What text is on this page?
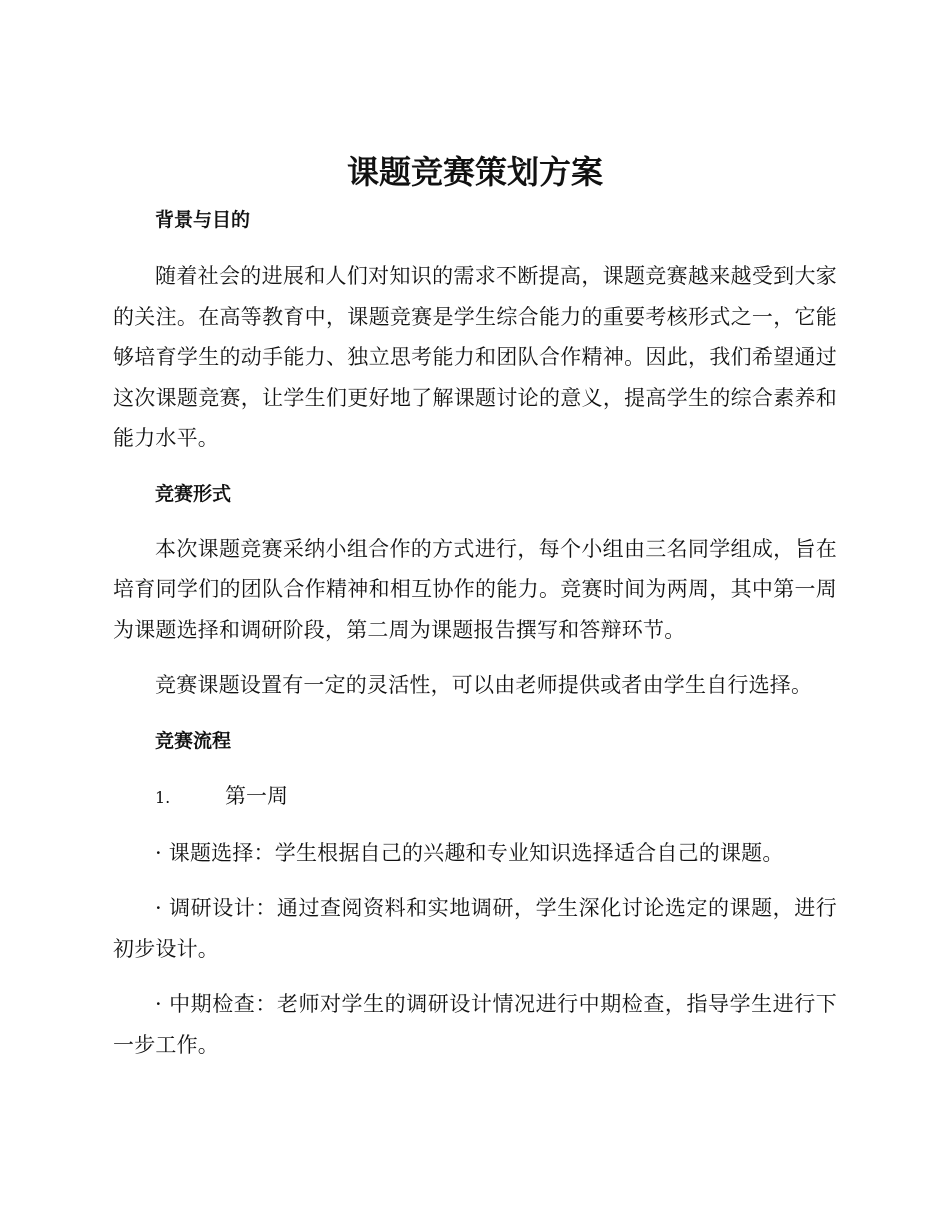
课题竞赛策划方案

背景与目的

随着社会的进展和人们对知识的需求不断提高，课题竞赛越来越受到大家的关注。在高等教育中，课题竞赛是学生综合能力的重要考核形式之一，它能够培育学生的动手能力、独立思考能力和团队合作精神。因此，我们希望通过这次课题竞赛，让学生们更好地了解课题讨论的意义，提高学生的综合素养和能力水平。

竞赛形式

本次课题竞赛采纳小组合作的方式进行，每个小组由三名同学组成，旨在培育同学们的团队合作精神和相互协作的能力。竞赛时间为两周，其中第一周为课题选择和调研阶段，第二周为课题报告撰写和答辩环节。

竞赛课题设置有一定的灵活性，可以由老师提供或者由学生自行选择。

竞赛流程

1.	第一周

· 课题选择：学生根据自己的兴趣和专业知识选择适合自己的课题。

· 调研设计：通过查阅资料和实地调研，学生深化讨论选定的课题，进行初步设计。

· 中期检查：老师对学生的调研设计情况进行中期检查，指导学生进行下一步工作。
